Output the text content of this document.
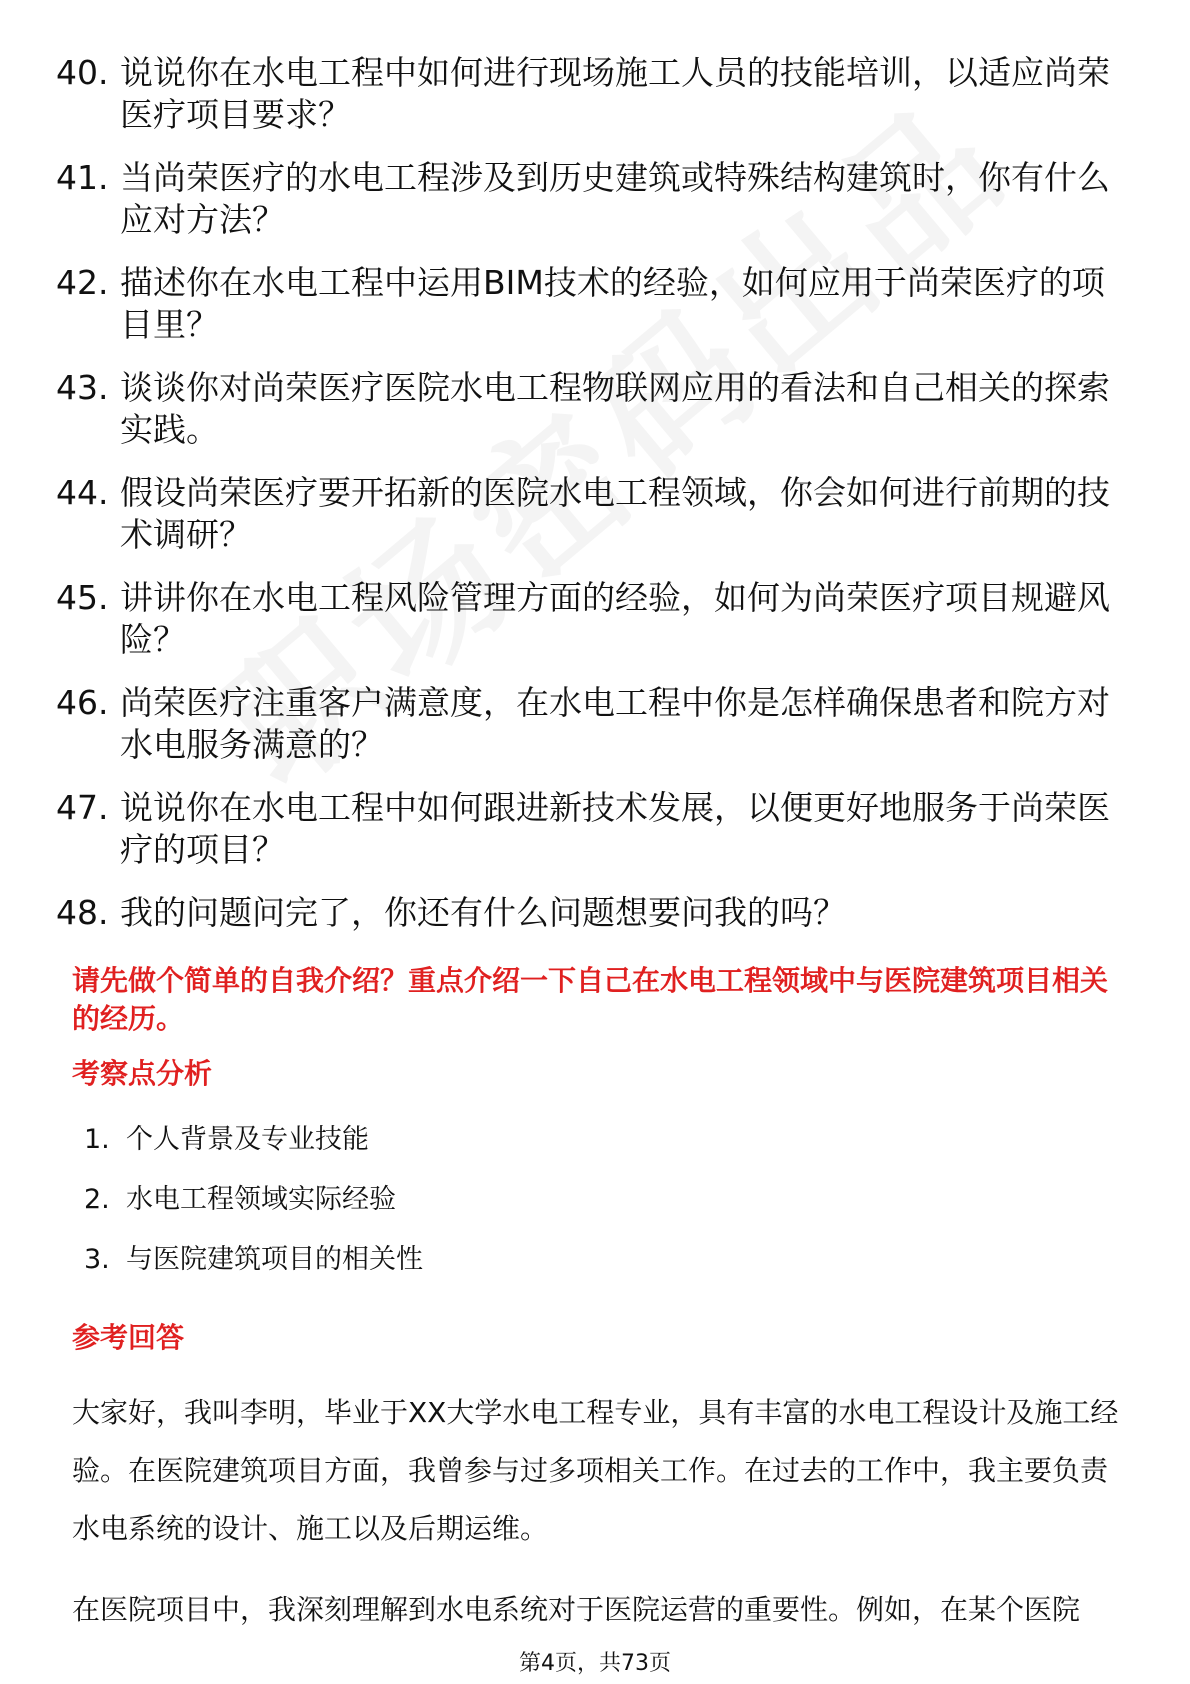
40. 说说你在水电工程中如何进行现场施工人员的技能培训，以适应尚荣医疗项目要求？
41. 当尚荣医疗的水电工程涉及到历史建筑或特殊结构建筑时，你有什么应对方法？
42. 描述你在水电工程中运用BIM技术的经验，如何应用于尚荣医疗的项目里？
43. 谈谈你对尚荣医疗医院水电工程物联网应用的看法和自己相关的探索实践。
44. 假设尚荣医疗要开拓新的医院水电工程领域，你会如何进行前期的技术调研？
45. 讲讲你在水电工程风险管理方面的经验，如何为尚荣医疗项目规避风险？
46. 尚荣医疗注重客户满意度，在水电工程中你是怎样确保患者和院方对水电服务满意的？
47. 说说你在水电工程中如何跟进新技术发展，以便更好地服务于尚荣医疗的项目？
48. 我的问题问完了，你还有什么问题想要问我的吗？
请先做个简单的自我介绍？重点介绍一下自己在水电工程领域中与医院建筑项目相关的经历。
考察点分析
1. 个人背景及专业技能
2. 水电工程领域实际经验
3. 与医院建筑项目的相关性
参考回答
大家好，我叫李明，毕业于XX大学水电工程专业，具有丰富的水电工程设计及施工经验。在医院建筑项目方面，我曾参与过多项相关工作。在过去的工作中，我主要负责水电系统的设计、施工以及后期运维。
在医院项目中，我深刻理解到水电系统对于医院运营的重要性。例如，在某个医院
第4页，共73页
